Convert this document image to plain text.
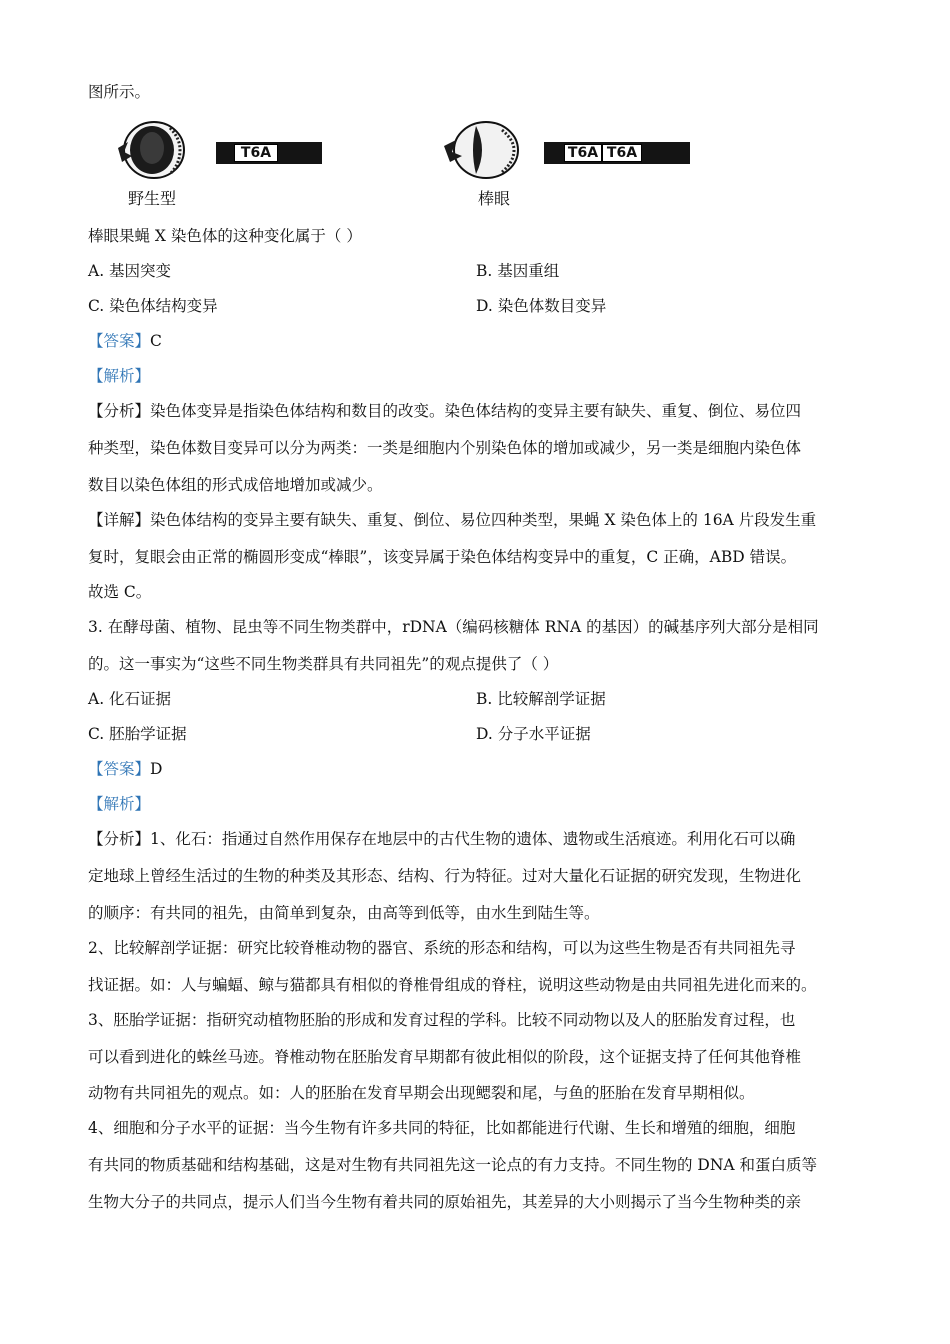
图所示。
野生型
T6A
棒眼
T6A T6A
棒眼果蝇 X 染色体的这种变化属于（ ）
A. 基因突变	B. 基因重组
C. 染色体结构变异	D. 染色体数目变异
【答案】C
【解析】
【分析】染色体变异是指染色体结构和数目的改变。染色体结构的变异主要有缺失、重复、倒位、易位四
种类型，染色体数目变异可以分为两类：一类是细胞内个别染色体的增加或减少，另一类是细胞内染色体
数目以染色体组的形式成倍地增加或减少。
【详解】染色体结构的变异主要有缺失、重复、倒位、易位四种类型，果蝇 X 染色体上的 16A 片段发生重
复时，复眼会由正常的椭圆形变成“棒眼”，该变异属于染色体结构变异中的重复，C 正确，ABD 错误。
故选 C。
3. 在酵母菌、植物、昆虫等不同生物类群中，rDNA（编码核糖体 RNA 的基因）的碱基序列大部分是相同
的。这一事实为“这些不同生物类群具有共同祖先”的观点提供了（ ）
A. 化石证据	B. 比较解剖学证据
C. 胚胎学证据	D. 分子水平证据
【答案】D
【解析】
【分析】1、化石：指通过自然作用保存在地层中的古代生物的遗体、遗物或生活痕迹。利用化石可以确
定地球上曾经生活过的生物的种类及其形态、结构、行为特征。过对大量化石证据的研究发现，生物进化
的顺序：有共同的祖先，由简单到复杂，由高等到低等，由水生到陆生等。
2、比较解剖学证据：研究比较脊椎动物的器官、系统的形态和结构，可以为这些生物是否有共同祖先寻
找证据。如：人与蝙蝠、鲸与猫都具有相似的脊椎骨组成的脊柱，说明这些动物是由共同祖先进化而来的。
3、胚胎学证据：指研究动植物胚胎的形成和发育过程的学科。比较不同动物以及人的胚胎发育过程，也
可以看到进化的蛛丝马迹。脊椎动物在胚胎发育早期都有彼此相似的阶段，这个证据支持了任何其他脊椎
动物有共同祖先的观点。如：人的胚胎在发育早期会出现鳃裂和尾，与鱼的胚胎在发育早期相似。
4、细胞和分子水平的证据：当今生物有许多共同的特征，比如都能进行代谢、生长和增殖的细胞，细胞
有共同的物质基础和结构基础，这是对生物有共同祖先这一论点的有力支持。不同生物的 DNA 和蛋白质等
生物大分子的共同点，提示人们当今生物有着共同的原始祖先，其差异的大小则揭示了当今生物种类的亲
